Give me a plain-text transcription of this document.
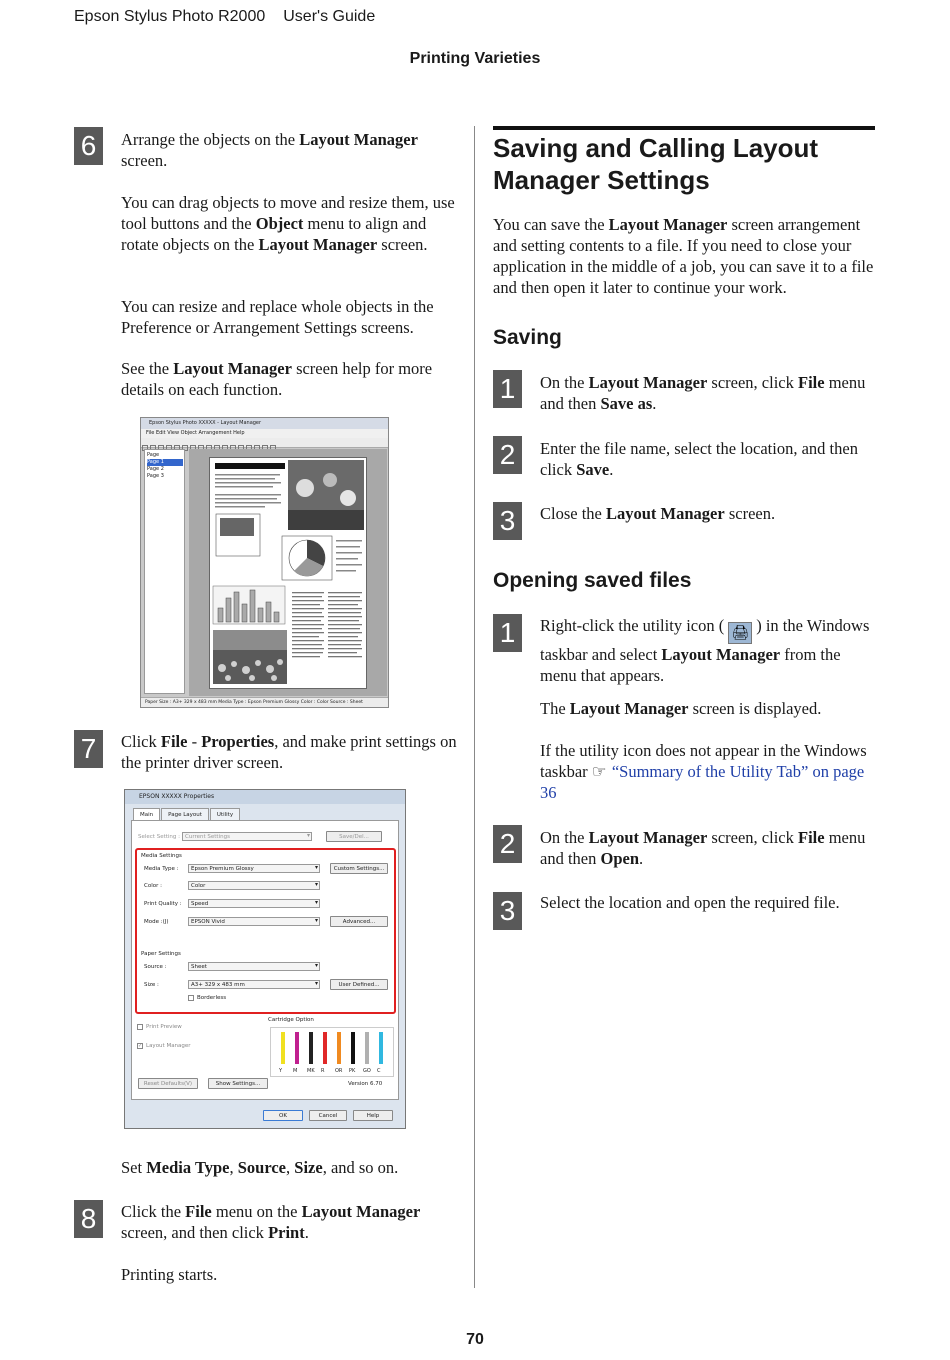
Epson Stylus Photo R2000 User's Guide
Printing Varieties
6	Arrange the objects on the Layout Manager screen.
You can drag objects to move and resize them, use tool buttons and the Object menu to align and rotate objects on the Layout Manager screen.
You can resize and replace whole objects in the Preference or Arrangement Settings screens.
See the Layout Manager screen help for more details on each function.
Epson Stylus Photo XXXXX - Layout Manager
File Edit View Object Arrangement Help
Page
Page 1
Page 2
Page 3
Paper Size : A3+ 329 x 483 mm Media Type : Epson Premium Glossy Color : Color Source : Sheet
7	Click File - Properties, and make print settings on the printer driver screen.
EPSON XXXXX Properties
Main	Page Layout	Utility
Select Setting : Current Settings ▾	Save/Del...
Media Settings
Media Type :	Epson Premium Glossy ▾	Custom Settings...
Color :	Color ▾
Print Quality :	Speed ▾
Mode :(J)	EPSON Vivid ▾	Advanced...
Paper Settings
Source :	Sheet ▾
Size :	A3+ 329 x 483 mm ▾	User Defined...
Borderless
Print Preview
✓ Layout Manager
Cartridge Option
Y M MK R OR PK GO C
Reset Defaults(V)	Show Settings...	Version 6.70
OK	Cancel	Help
Set Media Type, Source, Size, and so on.
8	Click the File menu on the Layout Manager screen, and then click Print.
Printing starts.
Saving and Calling Layout Manager Settings
You can save the Layout Manager screen arrangement and setting contents to a file. If you need to close your application in the middle of a job, you can save it to a file and then open it later to continue your work.
Saving
1	On the Layout Manager screen, click File menu and then Save as.
2	Enter the file name, select the location, and then click Save.
3	Close the Layout Manager screen.
Opening saved files
1	Right-click the utility icon ( 🖨 ) in the Windows taskbar and select Layout Manager from the menu that appears.
The Layout Manager screen is displayed.
If the utility icon does not appear in the Windows taskbar ☞ “Summary of the Utility Tab” on page 36
2	On the Layout Manager screen, click File menu and then Open.
3	Select the location and open the required file.
70
